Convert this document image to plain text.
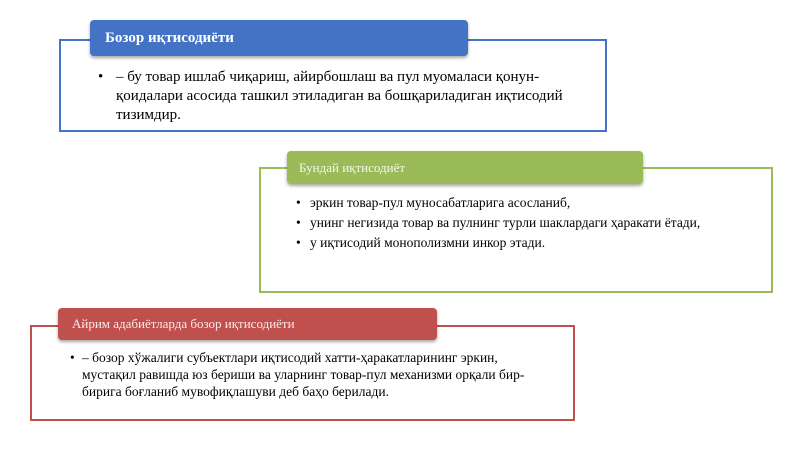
Бозор иқтисодиёти
• – бу товар ишлаб чиқариш, айирбошлаш ва пул муомаласи қонун-қоидалари асосида ташкил этиладиган ва бошқариладиган иқтисодий тизимдир.
Бундай иқтисодиёт
• эркин товар-пул муносабатларига асосланиб,
• унинг негизида товар ва пулнинг турли шаклардаги ҳаракати ётади,
• у иқтисодий монополизмни инкор этади.
Айрим адабиётларда бозор иқтисодиёти
• – бозор хўжалиги субъектлари иқтисодий хатти-ҳаракатларининг эркин, мустақил равишда юз бериши ва уларнинг товар-пул механизми орқали бир-бирига боғланиб мувофиқлашуви деб баҳо берилади.
